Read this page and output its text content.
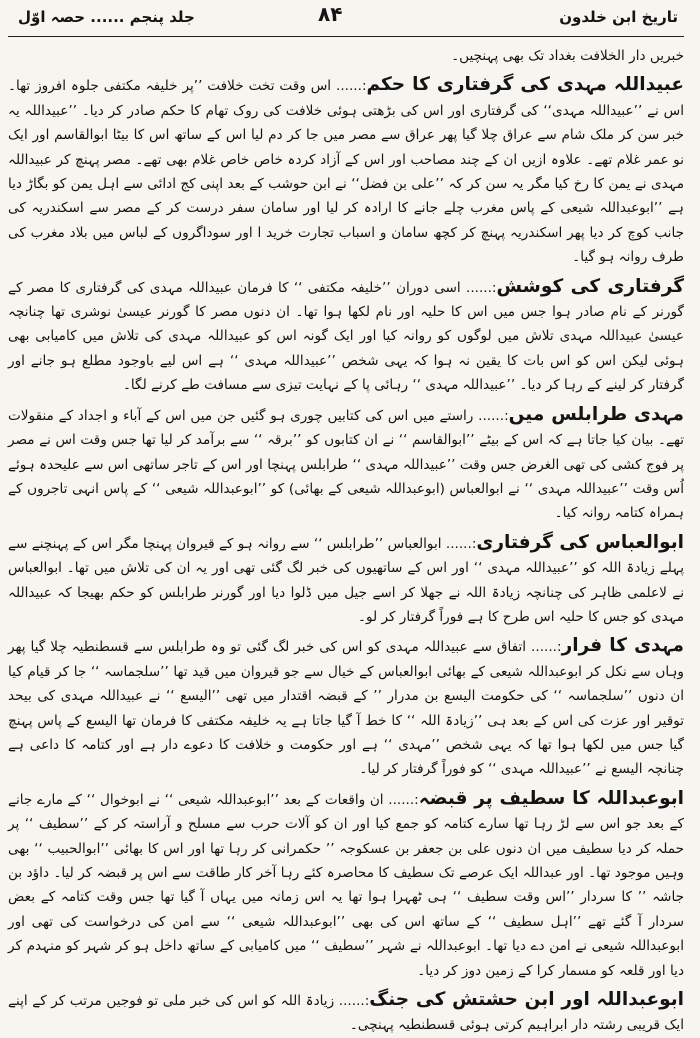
تاریخ ابن خلدون
۸۴
جلد پنجم ...... حصہ اوّل

خبریں دار الخلافت بغداد تک بھی پہنچیں۔

عبیداللہ مہدی کی گرفتاری کا حکم:...... اس وقت تخت خلافت ’’پر خلیفہ مکتفی جلوہ افروز تھا۔ اس نے ’’عبیداللہ مہدی‘‘ کی گرفتاری اور اس کی بڑھتی ہوئی خلافت کی روک تھام کا حکم صادر کر دیا۔ ’’عبیداللہ یہ خبر سن کر ملک شام سے عراق چلا گیا پھر عراق سے مصر میں جا کر دم لیا اس کے ساتھ اس کا بیٹا ابوالقاسم اور ایک نو عمر غلام تھے۔ علاوہ ازیں ان کے چند مصاحب اور اس کے آزاد کردہ خاص خاص غلام بھی تھے۔ مصر پہنچ کر عبیداللہ مہدی نے یمن کا رخ کیا مگر یہ سن کر کہ ’’علی بن فضل‘‘ نے ابن حوشب کے بعد اپنی کج ادائی سے اہل یمن کو بگاڑ دیا ہے ’’ابوعبداللہ شیعی کے پاس مغرب چلے جانے کا ارادہ کر لیا اور سامان سفر درست کر کے مصر سے اسکندریہ کی جانب کوچ کر دیا پھر اسکندریہ پہنچ کر کچھ سامان و اسباب تجارت خرید ا اور سوداگروں کے لباس میں بلاد مغرب کی طرف روانہ ہو گیا۔

گرفتاری کی کوشش:...... اسی دوران ’’خلیفہ مکتفی ‘‘ کا فرمان عبیداللہ مہدی کی گرفتاری کا مصر کے گورنر کے نام صادر ہوا جس میں اس کا حلیہ اور نام لکھا ہوا تھا۔ ان دنوں مصر کا گورنر عیسیٰ نوشری تھا چنانچہ عیسیٰ عبیداللہ مہدی تلاش میں لوگوں کو روانہ کیا اور ایک گونہ اس کو عبیداللہ مہدی کی تلاش میں کامیابی بھی ہوئی لیکن اس کو اس بات کا یقین نہ ہوا کہ یہی شخص ’’عبیداللہ مہدی ‘‘ ہے اس لیے باوجود مطلع ہو جانے اور گرفتار کر لینے کے رہا کر دیا۔ ’’عبیداللہ مہدی ‘‘ رہائی پا کے نہایت تیزی سے مسافت طے کرنے لگا۔

مہدی طرابلس میں:...... راستے میں اس کی کتابیں چوری ہو گئیں جن میں اس کے آباء و اجداد کے منقولات تھے۔ بیان کیا جاتا ہے کہ اس کے بیٹے ’’ابوالقاسم ‘‘ نے ان کتابوں کو ’’برقہ ‘‘ سے برآمد کر لیا تھا جس وقت اس نے مصر پر فوج کشی کی تھی الغرض جس وقت ’’عبیداللہ مہدی ‘‘ طرابلس پہنچا اور اس کے تاجر ساتھی اس سے علیحدہ ہوئے اُس وقت ’’عبیداللہ مہدی ‘‘ نے ابوالعباس (ابوعبداللہ شیعی کے بھائی) کو ’’ابوعبداللہ شیعی ‘‘ کے پاس انہی تاجروں کے ہمراہ کتامہ روانہ کیا۔

ابوالعباس کی گرفتاری:...... ابوالعباس ’’طرابلس ‘‘ سے روانہ ہو کے قیروان پہنچا مگر اس کے پہنچنے سے پہلے زیادۃ اللہ کو ’’عبیداللہ مہدی ‘‘ اور اس کے ساتھیوں کی خبر لگ گئی تھی اور یہ ان کی تلاش میں تھا۔ ابوالعباس نے لاعلمی ظاہر کی چنانچہ زیادۃ اللہ نے جھلا کر اسے جیل میں ڈلوا دیا اور گورنر طرابلس کو حکم بھیجا کہ عبیداللہ مہدی کو جس کا حلیہ اس طرح کا ہے فوراً گرفتار کر لو۔

مہدی کا فرار:...... اتفاق سے عبیداللہ مہدی کو اس کی خبر لگ گئی تو وہ طرابلس سے قسطنطیہ چلا گیا پھر وہاں سے نکل کر ابوعبداللہ شیعی کے بھائی ابوالعباس کے خیال سے جو قیروان میں قید تھا ’’سلجماسہ ‘‘ جا کر قیام کیا ان دنوں ’’سلجماسہ ‘‘ کی حکومت الیسع بن مدرار ’’ کے قبضہ اقتدار میں تھی ’’الیسع ‘‘ نے عبیداللہ مہدی کی بیحد توقیر اور عزت کی اس کے بعد ہی ’’زیادۃ اللہ ‘‘ کا خط آ گیا جاتا ہے یہ خلیفہ مکتفی کا فرمان تھا الیسع کے پاس پہنچ گیا جس میں لکھا ہوا تھا کہ یہی شخص ’’مہدی ‘‘ ہے اور حکومت و خلافت کا دعوے دار ہے اور کتامہ کا داعی ہے چنانچہ الیسع نے ’’عبیداللہ مہدی ‘‘ کو فوراً گرفتار کر لیا۔

ابوعبداللہ کا سطیف پر قبضہ:...... ان واقعات کے بعد ’’ابوعبداللہ شیعی ‘‘ نے ابوخوال ‘‘ کے مارے جانے کے بعد جو اس سے لڑ رہا تھا سارے کتامہ کو جمع کیا اور ان کو آلات حرب سے مسلح و آراستہ کر کے ’’سطیف ‘‘ پر حملہ کر دیا سطیف میں ان دنوں علی بن جعفر بن عسکوجہ ’’ حکمرانی کر رہا تھا اور اس کا بھائی ’’ابوالحبیب ‘‘ بھی وہیں موجود تھا۔ اور عبداللہ ایک عرصے تک سطیف کا محاصرہ کئے رہا آخر کار طاقت سے اس پر قبضہ کر لیا۔ داؤد بن جاشہ ’’ کا سردار ’’اس وقت سطیف ‘‘ ہی ٹھہرا ہوا تھا یہ اس زمانہ میں یہاں آ گیا تھا جس وقت کتامہ کے بعض سردار آ گئے تھے ’’اہل سطیف ‘‘ کے ساتھ اس کی بھی ’’ابوعبداللہ شیعی ‘‘ سے امن کی درخواست کی تھی اور ابوعبداللہ شیعی نے امن دے دیا تھا۔ ابوعبداللہ نے شہر ’’سطیف ‘‘ میں کامیابی کے ساتھ داخل ہو کر شہر کو منہدم کر دیا اور قلعہ کو مسمار کرا کے زمین دوز کر دیا۔

ابوعبداللہ اور ابن حشتش کی جنگ:...... زیادۃ اللہ کو اس کی خبر ملی تو فوجیں مرتب کر کے اپنے ایک قریبی رشتہ دار ابراہیم کرتی ہوئی قسطنطیہ پہنچی۔
